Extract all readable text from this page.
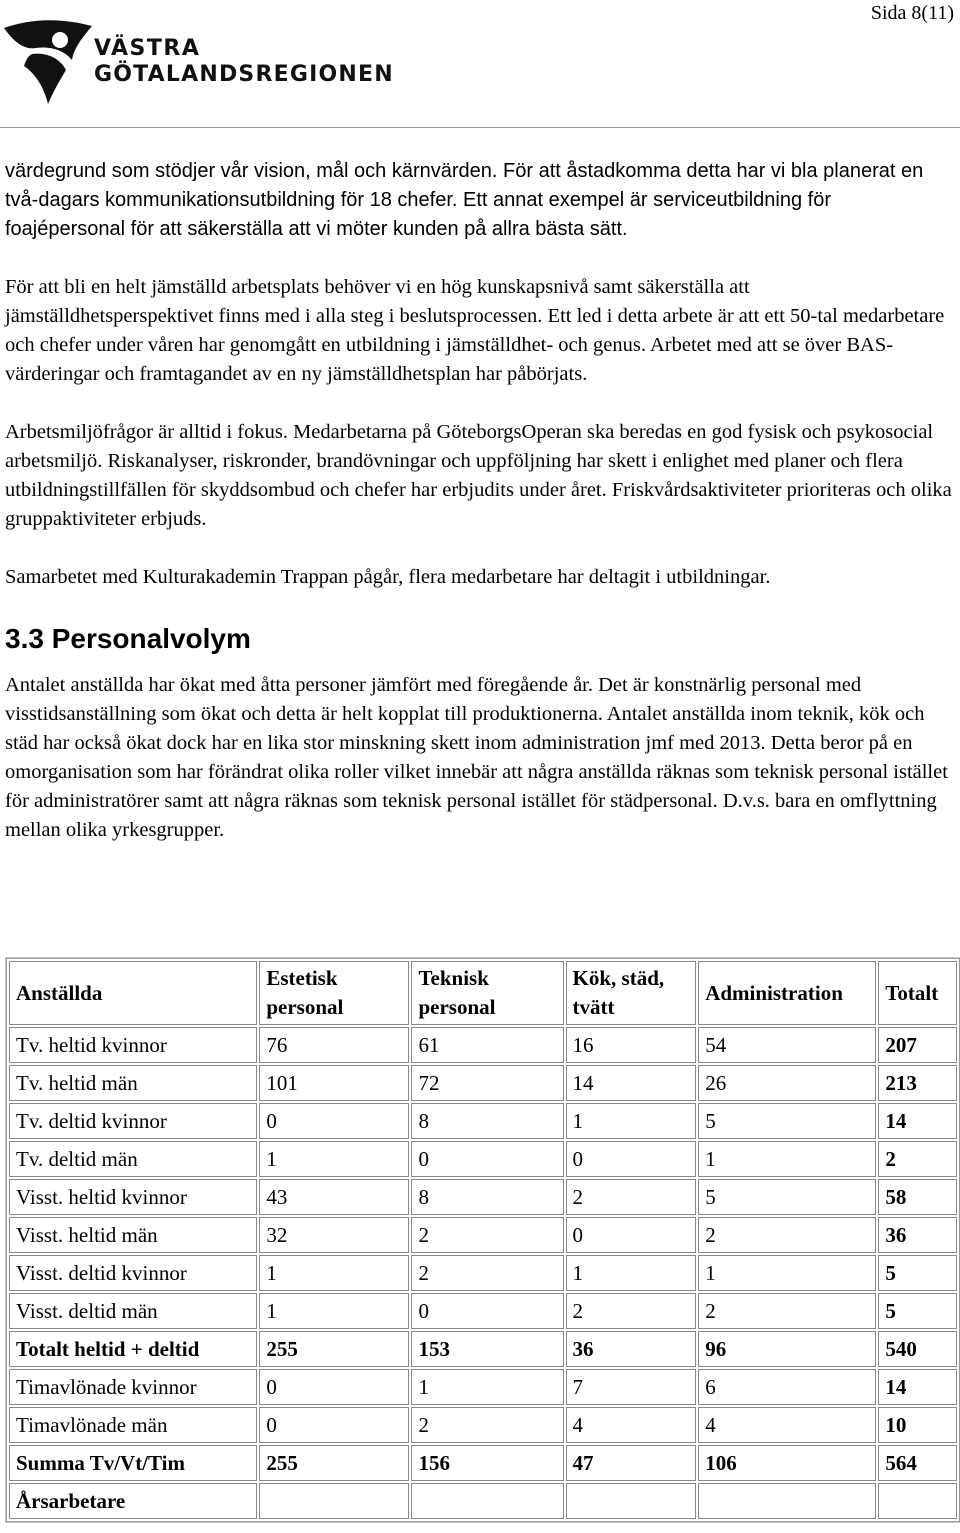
Sida 8(11)
VÄSTRA
GÖTALANDSREGIONEN

värdegrund som stödjer vår vision, mål och kärnvärden. För att åstadkomma detta har vi bla planerat en två-dagars kommunikationsutbildning för 18 chefer. Ett annat exempel är serviceutbildning för foajépersonal för att säkerställa att vi möter kunden på allra bästa sätt.

För att bli en helt jämställd arbetsplats behöver vi en hög kunskapsnivå samt säkerställa att jämställdhetsperspektivet finns med i alla steg i beslutsprocessen. Ett led i detta arbete är att ett 50-tal medarbetare och chefer under våren har genomgått en utbildning i jämställdhet- och genus. Arbetet med att se över BAS- värderingar och framtagandet av en ny jämställdhetsplan har påbörjats.

Arbetsmiljöfrågor är alltid i fokus. Medarbetarna på GöteborgsOperan ska beredas en god fysisk och psykosocial arbetsmiljö. Riskanalyser, riskronder, brandövningar och uppföljning har skett i enlighet med planer och flera utbildningstillfällen för skyddsombud och chefer har erbjudits under året. Friskvårdsaktiviteter prioriteras och olika gruppaktiviteter erbjuds.

Samarbetet med Kulturakademin Trappan pågår, flera medarbetare har deltagit i utbildningar.

3.3 Personalvolym

Antalet anställda har ökat med åtta personer jämfört med föregående år. Det är konstnärlig personal med visstidsanställning som ökat och detta är helt kopplat till produktionerna. Antalet anställda inom teknik, kök och städ har också ökat dock har en lika stor minskning skett inom administration jmf med 2013. Detta beror på en omorganisation som har förändrat olika roller vilket innebär att några anställda räknas som teknisk personal istället för administratörer samt att några räknas som teknisk personal istället för städpersonal. D.v.s. bara en omflyttning mellan olika yrkesgrupper.

Anställda	Estetisk personal	Teknisk personal	Kök, städ, tvätt	Administration	Totalt
Tv. heltid kvinnor	76	61	16	54	207
Tv. heltid män	101	72	14	26	213
Tv. deltid kvinnor	0	8	1	5	14
Tv. deltid män	1	0	0	1	2
Visst. heltid kvinnor	43	8	2	5	58
Visst. heltid män	32	2	0	2	36
Visst. deltid kvinnor	1	2	1	1	5
Visst. deltid män	1	0	2	2	5
Totalt heltid + deltid	255	153	36	96	540
Timavlönade kvinnor	0	1	7	6	14
Timavlönade män	0	2	4	4	10
Summa Tv/Vt/Tim	255	156	47	106	564
Årsarbetare					
